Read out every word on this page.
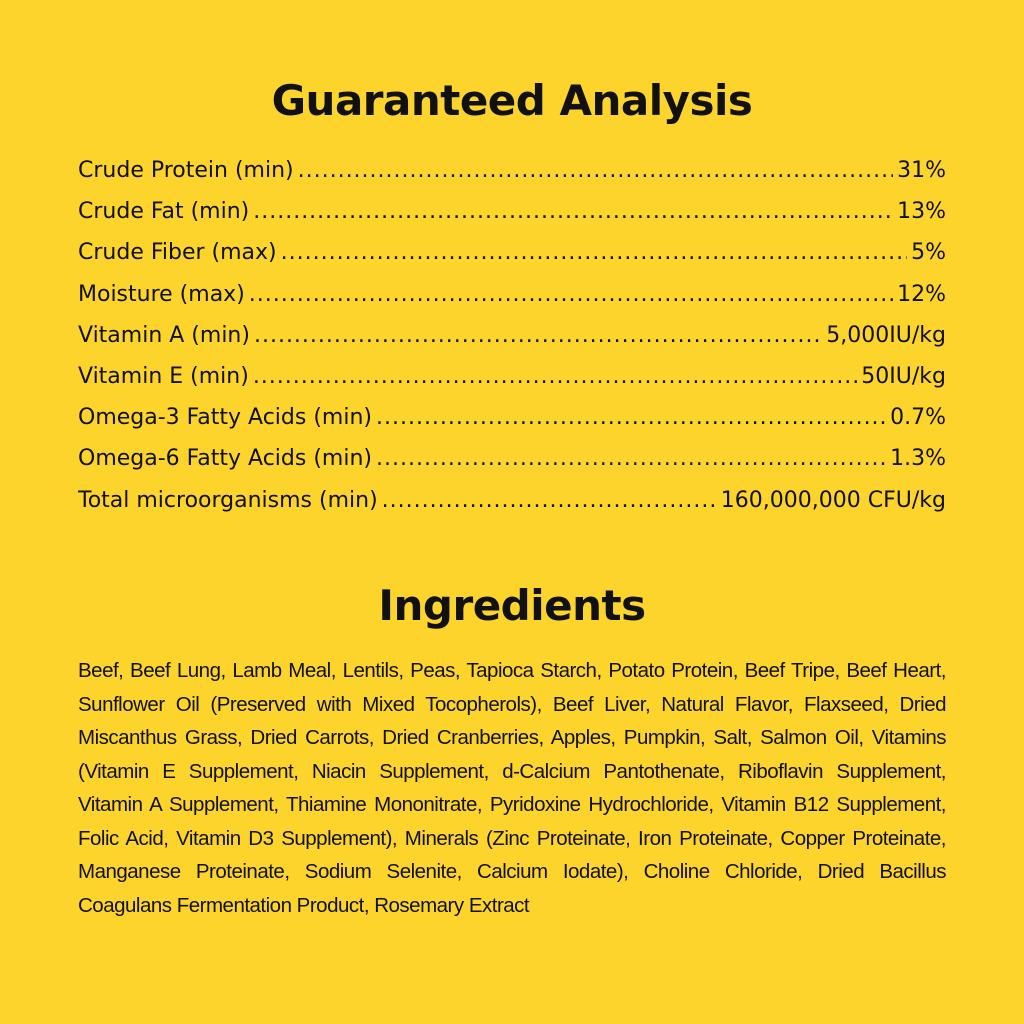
Guaranteed Analysis
Crude Protein (min) .....	31%
Crude Fat (min) .....	13%
Crude Fiber (max) .....	5%
Moisture (max) .....	12%
Vitamin A (min) .....	5,000IU/kg
Vitamin E (min) .....	50IU/kg
Omega-3 Fatty Acids (min) .....	0.7%
Omega-6 Fatty Acids (min) .....	1.3%
Total microorganisms (min) .....	160,000,000 CFU/kg
Ingredients

Beef, Beef Lung, Lamb Meal, Lentils, Peas, Tapioca Starch, Potato Protein, Beef Tripe, Beef Heart, Sunflower Oil (Preserved with Mixed Tocopherols), Beef Liver, Natural Flavor, Flaxseed, Dried Miscanthus Grass, Dried Carrots, Dried Cranberries, Apples, Pumpkin, Salt, Salmon Oil, Vitamins (Vitamin E Supplement, Niacin Supplement, d-Calcium Pantothenate, Riboflavin Supplement, Vitamin A Supplement, Thiamine Mononitrate, Pyridoxine Hydrochloride, Vitamin B12 Supplement, Folic Acid, Vitamin D3 Supplement), Minerals (Zinc Proteinate, Iron Proteinate, Copper Proteinate, Manganese Proteinate, Sodium Selenite, Calcium Iodate), Choline Chloride, Dried Bacillus Coagulans Fermentation Product, Rosemary Extract
